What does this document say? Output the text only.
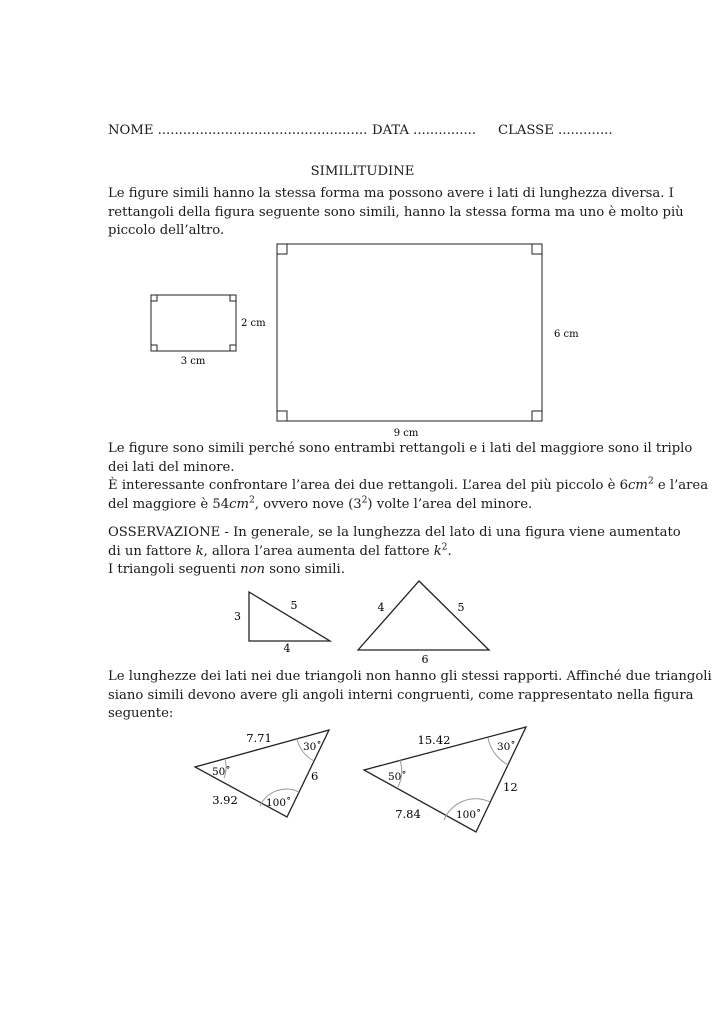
NOME .................................................. DATA ............... CLASSE .............
SIMILITUDINE
Le figure simili hanno la stessa forma ma possono avere i lati di lunghezza diversa. I
rettangoli della figura seguente sono simili, hanno la stessa forma ma uno è molto più
piccolo dell’altro.
2 cm
3 cm
6 cm
9 cm
3
5
4
4	5
6
7.71
3.92
6
50˚
30˚
100˚
15.42
7.84
12
50˚
30˚
100˚
Le figure sono simili perché sono entrambi rettangoli e i lati del maggiore sono il triplo
dei lati del minore.
È interessante confrontare l’area dei due rettangoli. L’area del più piccolo è $6cm^2$ e l’area
del maggiore è $54cm^2$, ovvero nove $(3^2)$ volte l’area del minore.
OSSERVAZIONE - In generale, se la lunghezza del lato di una figura viene aumentato
di un fattore k, allora l’area aumenta del fattore $k^2$.
I triangoli seguenti non sono simili.
Le lunghezze dei lati nei due triangoli non hanno gli stessi rapporti. Affinché due triangoli
siano simili devono avere gli angoli interni congruenti, come rappresentato nella figura
seguente:
